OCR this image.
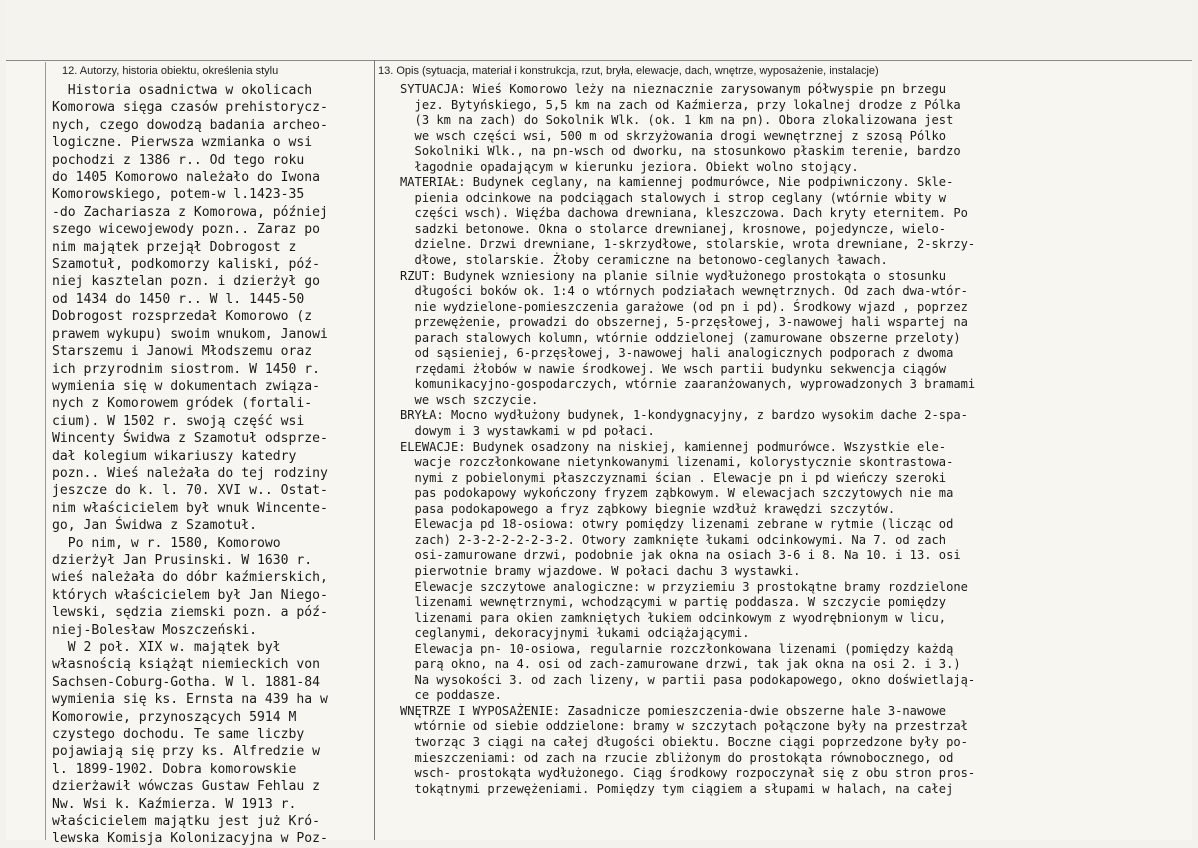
12. Autorzy, historia obiektu, określenia stylu	13. Opis (sytuacja, materiał i konstrukcja, rzut, bryła, elewacje, dach, wnętrze, wyposażenie, instalacje)
Historia osadnictwa w okolicach
Komorowa sięga czasów prehistorycz-
nych, czego dowodzą badania archeo-
logiczne. Pierwsza wzmianka o wsi
pochodzi z 1386 r.. Od tego roku
do 1405 Komorowo należało do Iwona
Komorowskiego, potem-w l.1423-35
-do Zachariasza z Komorowa, później
szego wicewojewody pozn.. Zaraz po
nim majątek przejął Dobrogost z
Szamotuł, podkomorzy kaliski, póź-
niej kasztelan pozn. i dzierżył go
od 1434 do 1450 r.. W l. 1445-50
Dobrogost rozsprzedał Komorowo (z
prawem wykupu) swoim wnukom, Janowi
Starszemu i Janowi Młodszemu oraz
ich przyrodnim siostrom. W 1450 r.
wymienia się w dokumentach związa-
nych z Komorowem gródek (fortali-
cium). W 1502 r. swoją część wsi
Wincenty Świdwa z Szamotuł odsprze-
dał kolegium wikariuszy katedry
pozn.. Wieś należała do tej rodziny
jeszcze do k. l. 70. XVI w.. Ostat-
nim właścicielem był wnuk Wincente-
go, Jan Świdwa z Szamotuł.
Po nim, w r. 1580, Komorowo
dzierżył Jan Prusinski. W 1630 r.
wieś należała do dóbr kaźmierskich,
których właścicielem był Jan Niego-
lewski, sędzia ziemski pozn. a póź-
niej-Bolesław Moszczeński.
W 2 poł. XIX w. majątek był
własnością książąt niemieckich von
Sachsen-Coburg-Gotha. W l. 1881-84
wymienia się ks. Ernsta na 439 ha w
Komorowie, przynoszących 5914 M
czystego dochodu. Te same liczby
pojawiają się przy ks. Alfredzie w
l. 1899-1902. Dobra komorowskie
dzierżawił wówczas Gustaw Fehlau z
Nw. Wsi k. Kaźmierza. W 1913 r.
właścicielem majątku jest już Kró-
lewska Komisja Kolonizacyjna w Poz-
SYTUACJA: Wieś Komorowo leży na nieznacznie zarysowanym półwyspie pn brzegu
jez. Bytyńskiego, 5,5 km na zach od Kaźmierza, przy lokalnej drodze z Pólka
(3 km na zach) do Sokolnik Wlk. (ok. 1 km na pn). Obora zlokalizowana jest
we wsch części wsi, 500 m od skrzyżowania drogi wewnętrznej z szosą Pólko
Sokolniki Wlk., na pn-wsch od dworku, na stosunkowo płaskim terenie, bardzo
łagodnie opadającym w kierunku jeziora. Obiekt wolno stojący.
MATERIAŁ: Budynek ceglany, na kamiennej podmurówce, Nie podpiwniczony. Skle-
pienia odcinkowe na podciągach stalowych i strop ceglany (wtórnie wbity w
części wsch). Więźba dachowa drewniana, kleszczowa. Dach kryty eternitem. Po
sadzki betonowe. Okna o stolarce drewnianej, krosnowe, pojedyncze, wielo-
dzielne. Drzwi drewniane, 1-skrzydłowe, stolarskie, wrota drewniane, 2-skrzy-
dłowe, stolarskie. Żłoby ceramiczne na betonowo-ceglanych ławach.
RZUT: Budynek wzniesiony na planie silnie wydłużonego prostokąta o stosunku
długości boków ok. 1:4 o wtórnych podziałach wewnętrznych. Od zach dwa-wtór-
nie wydzielone-pomieszczenia garażowe (od pn i pd). Środkowy wjazd , poprzez
przewężenie, prowadzi do obszernej, 5-przęsłowej, 3-nawowej hali wspartej na
parach stalowych kolumn, wtórnie oddzielonej (zamurowane obszerne przeloty)
od sąsieniej, 6-przęsłowej, 3-nawowej hali analogicznych podporach z dwoma
rzędami żłobów w nawie środkowej. We wsch partii budynku sekwencja ciągów
komunikacyjno-gospodarczych, wtórnie zaaranżowanych, wyprowadzonych 3 bramami
we wsch szczycie.
BRYŁA: Mocno wydłużony budynek, 1-kondygnacyjny, z bardzo wysokim dache 2-spa-
dowym i 3 wystawkami w pd połaci.
ELEWACJE: Budynek osadzony na niskiej, kamiennej podmurówce. Wszystkie ele-
wacje rozczłonkowane nietynkowanymi lizenami, kolorystycznie skontrastowa-
nymi z pobielonymi płaszczyznami ścian . Elewacje pn i pd wieńczy szeroki
pas podokapowy wykończony fryzem ząbkowym. W elewacjach szczytowych nie ma
pasa podokapowego a fryz ząbkowy biegnie wzdłuż krawędzi szczytów.
Elewacja pd 18-osiowa: otwry pomiędzy lizenami zebrane w rytmie (licząc od
zach) 2-3-2-2-2-2-3-2. Otwory zamknięte łukami odcinkowymi. Na 7. od zach
osi-zamurowane drzwi, podobnie jak okna na osiach 3-6 i 8. Na 10. i 13. osi
pierwotnie bramy wjazdowe. W połaci dachu 3 wystawki.
Elewacje szczytowe analogiczne: w przyziemiu 3 prostokątne bramy rozdzielone
lizenami wewnętrznymi, wchodzącymi w partię poddasza. W szczycie pomiędzy
lizenami para okien zamkniętych łukiem odcinkowym z wyodrębnionym w licu,
ceglanymi, dekoracyjnymi łukami odciążającymi.
Elewacja pn- 10-osiowa, regularnie rozczłonkowana lizenami (pomiędzy każdą
parą okno, na 4. osi od zach-zamurowane drzwi, tak jak okna na osi 2. i 3.)
Na wysokości 3. od zach lizeny, w partii pasa podokapowego, okno doświetlają-
ce poddasze.
WNĘTRZE I WYPOSAŻENIE: Zasadnicze pomieszczenia-dwie obszerne hale 3-nawowe
wtórnie od siebie oddzielone: bramy w szczytach połączone były na przestrzał
tworząc 3 ciągi na całej długości obiektu. Boczne ciągi poprzedzone były po-
mieszczeniami: od zach na rzucie zbliżonym do prostokąta równobocznego, od
wsch- prostokąta wydłużonego. Ciąg środkowy rozpoczynał się z obu stron pros-
tokątnymi przewężeniami. Pomiędzy tym ciągiem a słupami w halach, na całej
